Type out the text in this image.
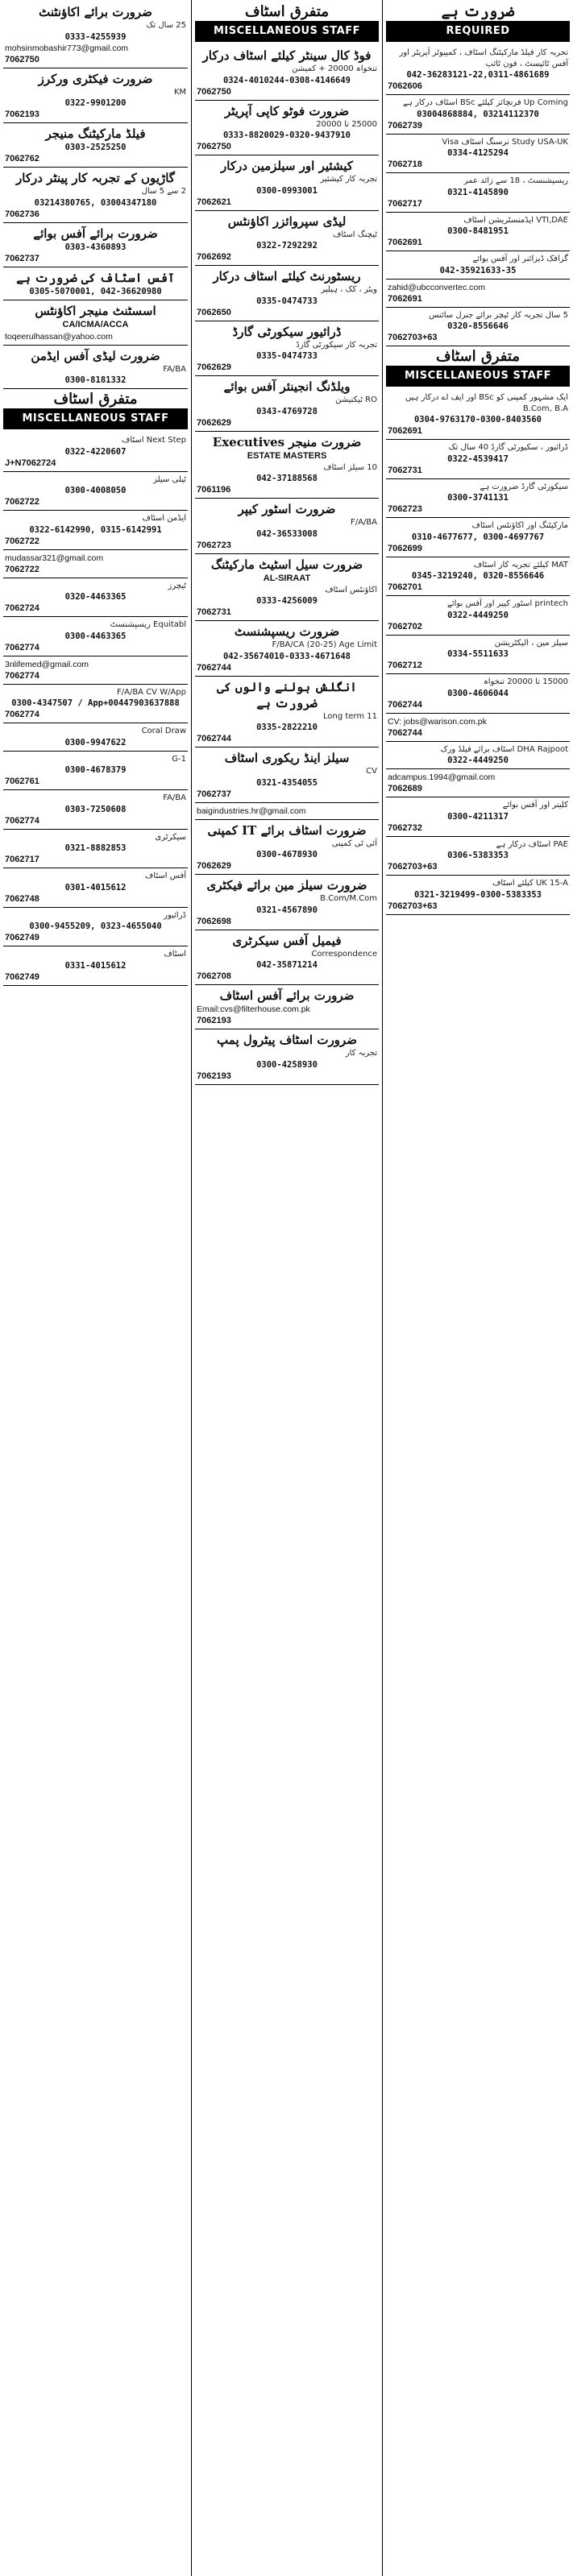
ضرورت ہے
REQUIRED
تجربہ کار فیلڈ مارکیٹنگ اسٹاف ، کمپیوٹر آپریٹر اور آفس ٹائپسٹ ، فون ٹائپ
042-36283121-22,0311-4861689
7062606
Up Coming فرنچائز کیلئے BSc اسٹاف درکار ہے
03004868884, 03214112370
7062739
Study USA-UK نرسنگ اسٹاف Visa
0334-4125294
7062718
ریسپشنسٹ ، 18 سے زائد عمر
0321-4145890
7062717
VTI,DAE ایڈمنسٹریشن اسٹاف
0300-8481951
7062691
گرافک ڈیزائنر اور آفس بوائے
042-35921633-35
zahid@ubcconvertec.com
7062691
5 سال تجربہ کار ٹیچر برائے جنرل سائنس
0320-8556646
7062703+63
متفرق اسٹاف
MISCELLANEOUS STAFF
ایک مشہور کمپنی کو BSc اور ایف اے درکار ہیں B.Com, B.A
0304-9763170-0300-8403560
7062691
ڈرائیور ، سکیورٹی گارڈ 40 سال تک
0322-4539417
7062731
سیکورٹی گارڈ ضرورت ہے
0300-3741131
7062723
مارکیٹنگ اور اکاؤنٹس اسٹاف
0310-4677677, 0300-4697767
7062699
MAT کیلئے تجربہ کار اسٹاف
0345-3219240, 0320-8556646
7062701
printech اسٹور کیپر اور آفس بوائے
0322-4449250
7062702
سیلز مین ، الیکٹریشن
0334-5511633
7062712
15000 تا 20000 تنخواہ
0300-4606044
7062744
CV: jobs@warison.com.pk
7062744
DHA Rajpoot اسٹاف برائے فیلڈ ورک
0322-4449250
adcampus.1994@gmail.com
7062689
کلینر اور آفس بوائے
0300-4211317
7062732
PAE اسٹاف درکار ہے
0306-5383353
7062703+63
UK 15-A کیلئے اسٹاف
0321-3219499-0300-5383353
7062703+63
متفرق اسٹاف
MISCELLANEOUS STAFF
فوڈ کال سینٹر کیلئے اسٹاف درکار
تنخواہ 20000 + کمیشن
0324-4010244-0308-4146649
7062750
ضرورت فوٹو کاپی آپریٹر
25000 تا 20000
0333-8820029-0320-9437910
7062750
کیشئیر اور سیلزمین درکار
تجربہ کار کیشئیر
0300-0993001
7062621
لیڈی سپروائزر اکاؤنٹس
ٹیچنگ اسٹاف
0322-7292292
7062692
ریسٹورنٹ کیلئے اسٹاف درکار
ویٹر ، کک ، ہیلپر
0335-0474733
7062650
ڈرائیور سیکورٹی گارڈ
تجربہ کار سیکورٹی گارڈ
0335-0474733
7062629
ویلڈنگ انجینئر آفس بوائے
RO ٹیکنیشن
0343-4769728
7062629
ضرورت منیجر Executives
ESTATE MASTERS
10 سیلز اسٹاف
042-37188568
7061196
ضرورت اسٹور کیپر
F/A/BA
042-36533008
7062723
ضرورت سیل اسٹیٹ مارکیٹنگ
AL-SIRAAT
اکاؤنٹس اسٹاف
0333-4256009
7062731
ضرورت ریسپشنسٹ
F/BA/CA (20-25) Age Limit
042-35674010-0333-4671648
7062744
انگلش بولنے والوں کی ضرورت ہے
Long term 11
0335-2822210
7062744
سیلز اینڈ ریکوری اسٹاف
CV
0321-4354055
7062737
baigindustries.hr@gmail.com
ضرورت اسٹاف برائے IT کمپنی
آئی ٹی کمپنی
0300-4678930
7062629
ضرورت سیلز مین برائے فیکٹری
B.Com/M.Com
0321-4567890
7062698
فیمیل آفس سیکرٹری
Correspondence
042-35871214
7062708
ضرورت برائے آفس اسٹاف
Email:cvs@filterhouse.com.pk
7062193
ضرورت اسٹاف پیٹرول پمپ
تجربہ کار
0300-4258930
7062193
ضرورت برائے اکاؤنٹنٹ
25 سال تک
0333-4255939
mohsinmobashir773@gmail.com
7062750
ضرورت فیکٹری ورکرز
KM
0322-9901200
7062193
فیلڈ مارکیٹنگ منیجر
0303-2525250
7062762
گاڑیوں کے تجربہ کار پینٹر درکار
2 سے 5 سال
03214380765, 03004347180
7062736
ضرورت برائے آفس بوائے
0303-4360893
7062737
آفس اسٹاف کی ضرورت ہے
0305-5070001, 042-36620980
اسسٹنٹ منیجر اکاؤنٹس
CA/ICMA/ACCA
toqeerulhassan@yahoo.com
ضرورت لیڈی آفس ایڈمن
FA/BA
0300-8181332
متفرق اسٹاف
MISCELLANEOUS STAFF
Next Step اسٹاف
0322-4220607
J+N7062724
ٹیلی سیلز
0300-4008050
7062722
ایڈمن اسٹاف
0322-6142990, 0315-6142991
7062722
mudassar321@gmail.com
7062722
ٹیچرز
0320-4463365
7062724
Equitabl ریسپشنسٹ
0300-4463365
7062774
3nlifemed@gmail.com
7062774
F/A/BA CV W/App
0300-4347507 / App+00447903637888
7062774
Coral Draw
0300-9947622
G-1
0300-4678379
7062761
FA/BA
0303-7250608
7062774
سیکرٹری
0321-8882853
7062717
آفس اسٹاف
0301-4015612
7062748
ڈرائیور
0300-9455209, 0323-4655040
7062749
اسٹاف
0331-4015612
7062749
